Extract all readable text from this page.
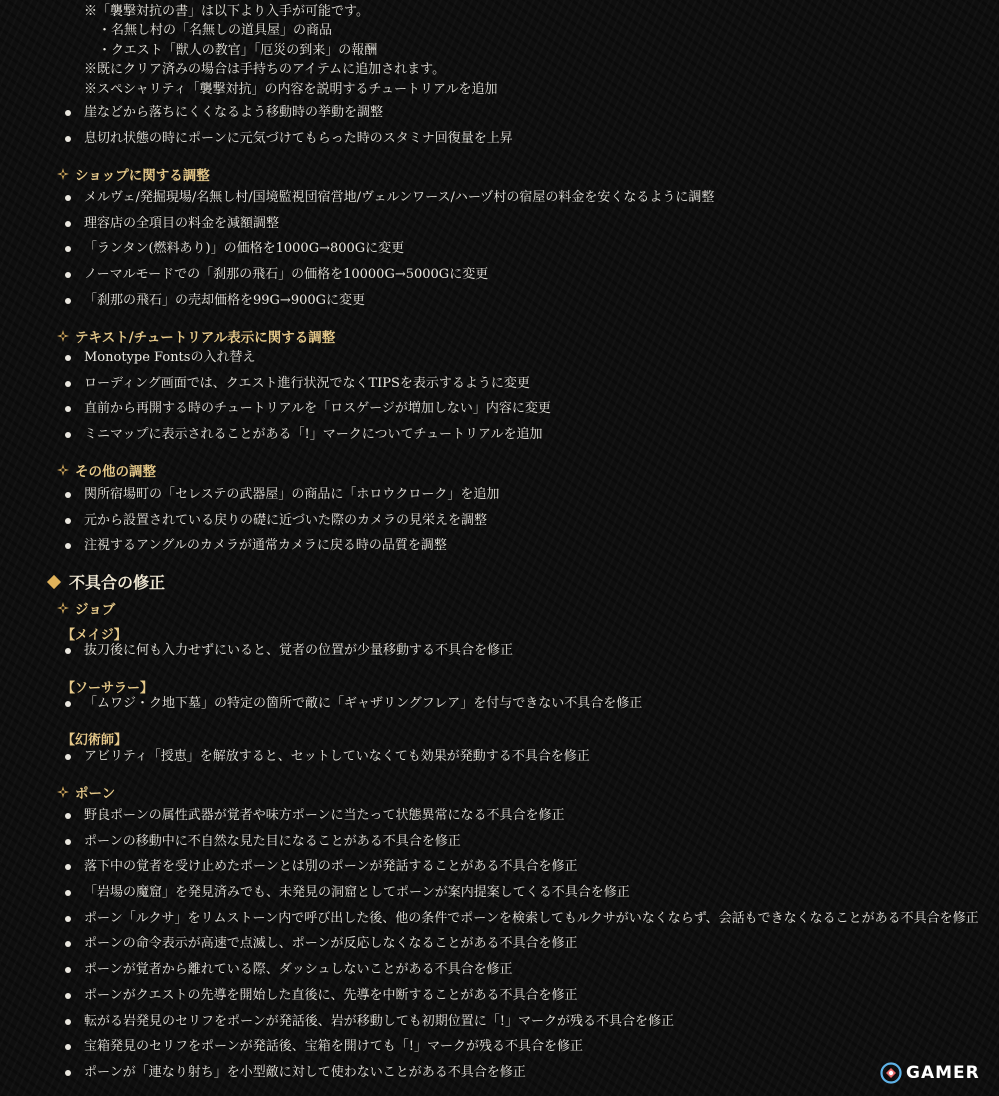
※「襲撃対抗の書」は以下より入手が可能です。
・名無し村の「名無しの道具屋」の商品
・クエスト「獣人の教官」「厄災の到来」の報酬
※既にクリア済みの場合は手持ちのアイテムに追加されます。
※スペシャリティ「襲撃対抗」の内容を説明するチュートリアルを追加
崖などから落ちにくくなるよう移動時の挙動を調整
息切れ状態の時にポーンに元気づけてもらった時のスタミナ回復量を上昇
ショップに関する調整
メルヴェ/発掘現場/名無し村/国境監視団宿営地/ヴェルンワース/ハーヅ村の宿屋の料金を安くなるように調整
理容店の全項目の料金を減額調整
「ランタン(燃料あり)」の価格を1000G→800Gに変更
ノーマルモードでの「刹那の飛石」の価格を10000G→5000Gに変更
「刹那の飛石」の売却価格を99G→900Gに変更
テキスト/チュートリアル表示に関する調整
Monotype Fontsの入れ替え
ローディング画面では、クエスト進行状況でなくTIPSを表示するように変更
直前から再開する時のチュートリアルを「ロスゲージが増加しない」内容に変更
ミニマップに表示されることがある「!」マークについてチュートリアルを追加
その他の調整
関所宿場町の「セレステの武器屋」の商品に「ホロウクローク」を追加
元から設置されている戻りの礎に近づいた際のカメラの見栄えを調整
注視するアングルのカメラが通常カメラに戻る時の品質を調整
不具合の修正
ジョブ
【メイジ】
抜刀後に何も入力せずにいると、覚者の位置が少量移動する不具合を修正
【ソーサラー】
「ムワジ・ク地下墓」の特定の箇所で敵に「ギャザリングフレア」を付与できない不具合を修正
【幻術師】
アビリティ「授恵」を解放すると、セットしていなくても効果が発動する不具合を修正
ポーン
野良ポーンの属性武器が覚者や味方ポーンに当たって状態異常になる不具合を修正
ポーンの移動中に不自然な見た目になることがある不具合を修正
落下中の覚者を受け止めたポーンとは別のポーンが発話することがある不具合を修正
「岩場の魔窟」を発見済みでも、未発見の洞窟としてポーンが案内提案してくる不具合を修正
ポーン「ルクサ」をリムストーン内で呼び出した後、他の条件でポーンを検索してもルクサがいなくならず、会話もできなくなることがある不具合を修正
ポーンの命令表示が高速で点滅し、ポーンが反応しなくなることがある不具合を修正
ポーンが覚者から離れている際、ダッシュしないことがある不具合を修正
ポーンがクエストの先導を開始した直後に、先導を中断することがある不具合を修正
転がる岩発見のセリフをポーンが発話後、岩が移動しても初期位置に「!」マークが残る不具合を修正
宝箱発見のセリフをポーンが発話後、宝箱を開けても「!」マークが残る不具合を修正
ポーンが「連なり射ち」を小型敵に対して使わないことがある不具合を修正	GAMER
